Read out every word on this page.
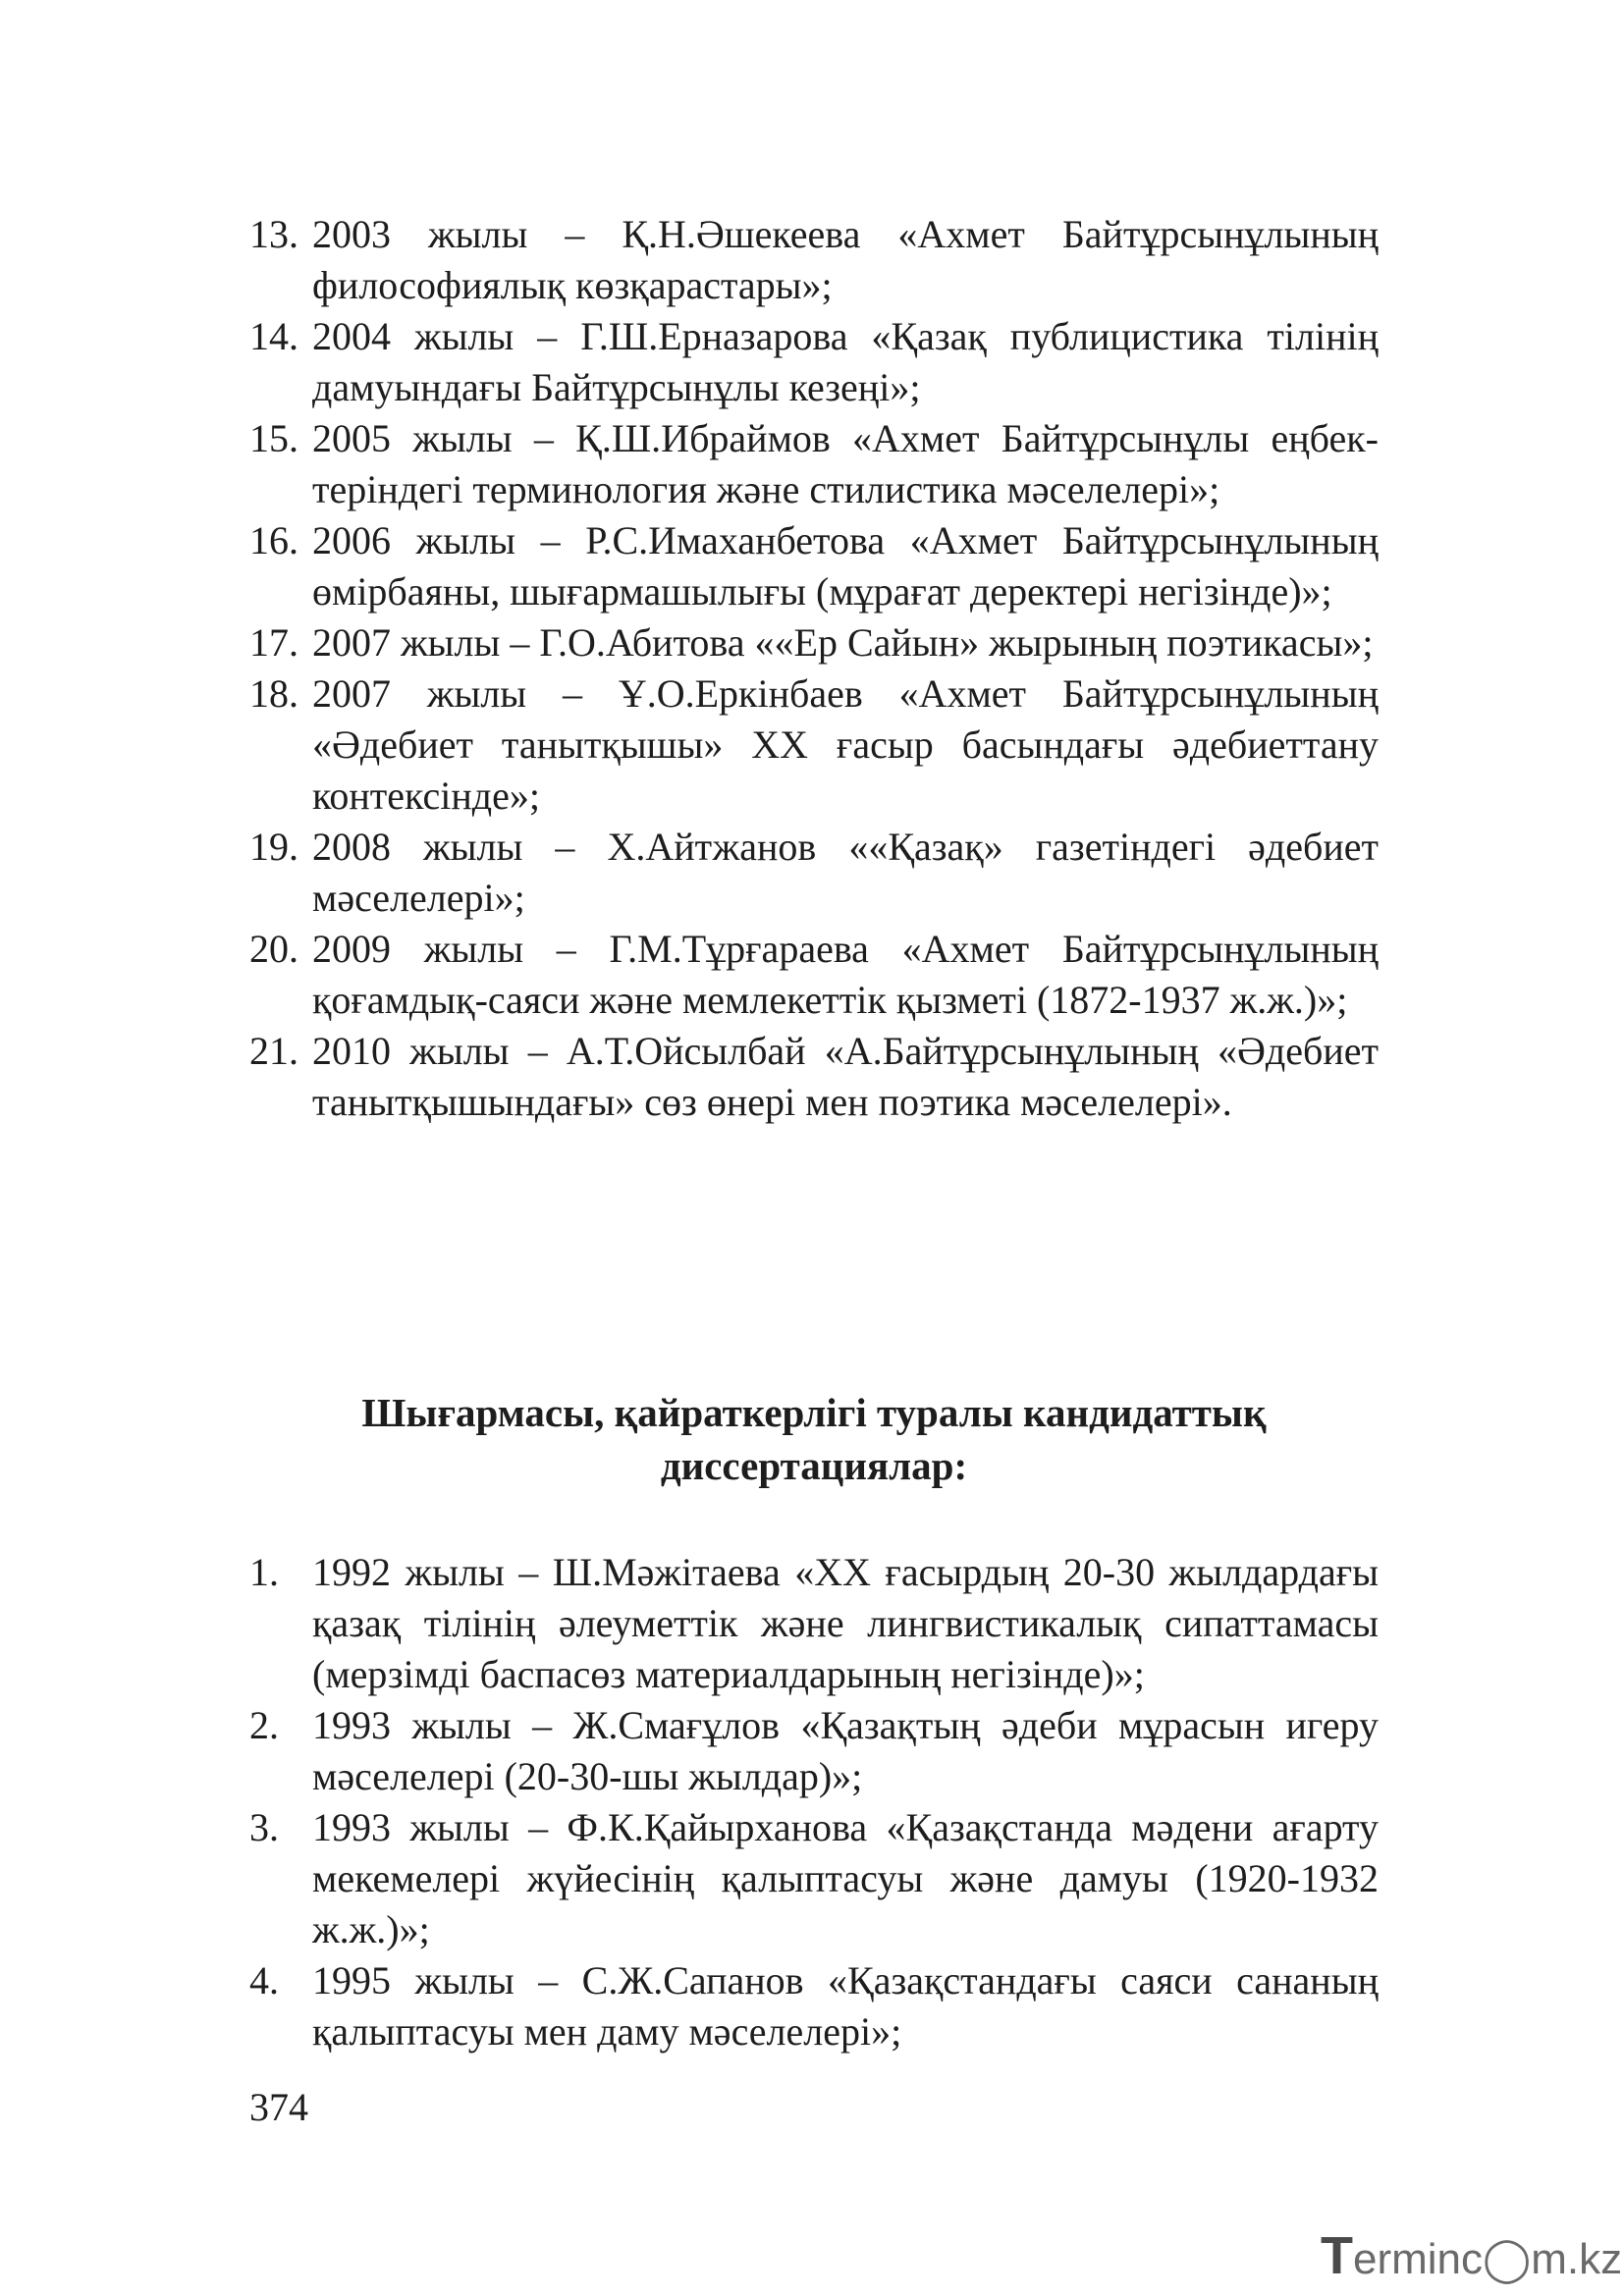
13. 2003 жылы – Қ.Н.Әшекеева «Ахмет Байтұрсынұлының философиялық көзқарастары»;
14. 2004 жылы – Г.Ш.Ерназарова «Қазақ публицистика тілінің дамуындағы Байтұрсынұлы кезеңі»;
15. 2005 жылы – Қ.Ш.Ибраймов «Ахмет Байтұрсынұлы еңбектеріндегі терминология және стилистика мәселелері»;
16. 2006 жылы – Р.С.Имаханбетова «Ахмет Байтұрсынұлының өмірбаяны, шығармашылығы (мұрағат деректері негізінде)»;
17. 2007 жылы – Г.О.Абитова ««Ер Сайын» жырының поэтикасы»;
18. 2007 жылы – Ұ.О.Еркінбаев «Ахмет Байтұрсынұлының «Әдебиет танытқышы» ХХ ғасыр басындағы әдебиеттану контексінде»;
19. 2008 жылы – Х.Айтжанов ««Қазақ» газетіндегі әдебиет мәселелері»;
20. 2009 жылы – Г.М.Тұрғараева «Ахмет Байтұрсынұлының қоғамдық-саяси және мемлекеттік қызметі (1872-1937 ж.ж.)»;
21. 2010 жылы – А.Т.Ойсылбай «А.Байтұрсынұлының «Әдебиет танытқышындағы» сөз өнері мен поэтика мәселелері».
Шығармасы, қайраткерлігі туралы кандидаттық
диссертациялар:
1. 1992 жылы – Ш.Мәжітаева «ХХ ғасырдың 20-30 жылдардағы қазақ тілінің әлеуметтік және лингвистикалық сипаттамасы (мерзімді баспасөз материалдарының негізінде)»;
2. 1993 жылы – Ж.Смағұлов «Қазақтың әдеби мұрасын игеру мәселелері (20-30-шы жылдар)»;
3. 1993 жылы – Ф.К.Қайырханова «Қазақстанда мәдени ағарту мекемелері жүйесінің қалыптасуы және дамуы (1920-1932 ж.ж.)»;
4. 1995 жылы – С.Ж.Сапанов «Қазақстандағы саяси сананың қалыптасуы мен даму мәселелері»;
374
Terminc◯m.kz
